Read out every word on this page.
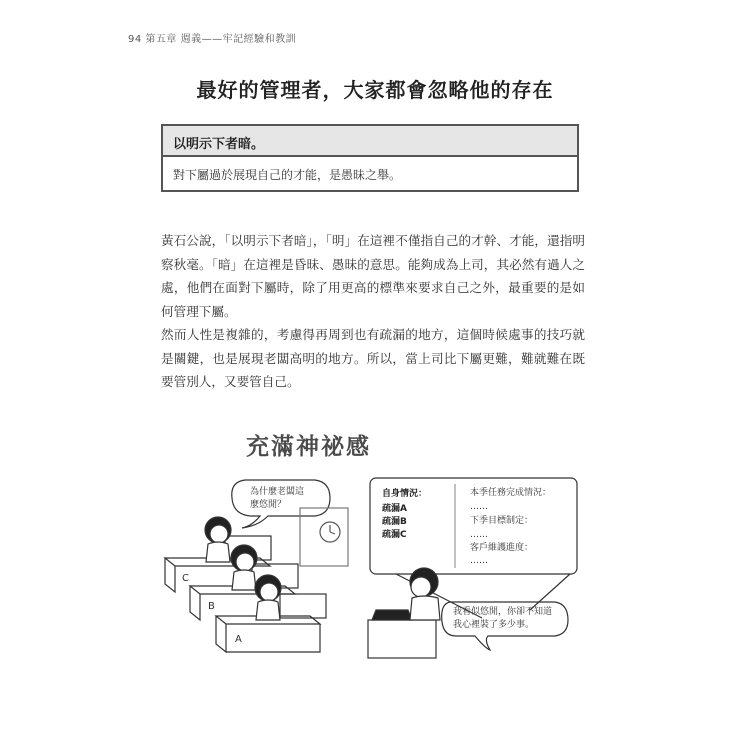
94 第五章 週義——牢記經驗和教訓
最好的管理者，大家都會忽略他的存在
以明示下者暗。
對下屬過於展現自己的才能，是愚昧之舉。
黃石公說，「以明示下者暗」，「明」在這裡不僅指自己的才幹、才能，還指明察秋毫。「暗」在這裡是昏昧、愚昧的意思。能夠成為上司，其必然有過人之處，他們在面對下屬時，除了用更高的標準來要求自己之外，最重要的是如何管理下屬。
然而人性是複雜的，考慮得再周到也有疏漏的地方，這個時候處事的技巧就是關鍵，也是展現老闆高明的地方。所以，當上司比下屬更難，難就難在既要管別人，又要管自己。
充滿神祕感
為什麼老闆這
麼悠閒？
自身情況：
疏漏A
疏漏B
疏漏C
本季任務完成情況：
……
下季目標制定：
……
客戶維護進度：
……
C
B
A
我看似悠閒，你卻不知道
我心裡裝了多少事。
